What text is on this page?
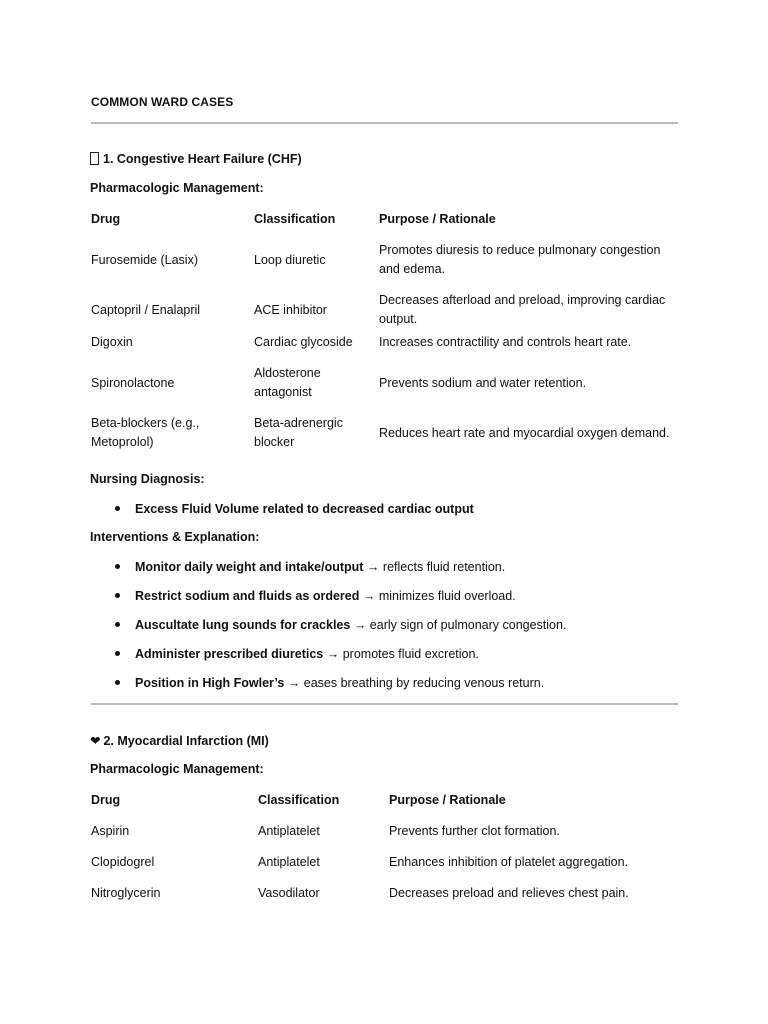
COMMON WARD CASES
1. Congestive Heart Failure (CHF)
Pharmacologic Management:
Drug	Classification	Purpose / Rationale

Furosemide (Lasix)	Loop diuretic	Promotes diuresis to reduce pulmonary congestion and edema.

Captopril / Enalapril	ACE inhibitor	Decreases afterload and preload, improving cardiac output.

Digoxin	Cardiac glycoside	Increases contractility and controls heart rate.

Spironolactone	Aldosterone antagonist	Prevents sodium and water retention.

Beta-blockers (e.g., Metoprolol)	Beta-adrenergic blocker	Reduces heart rate and myocardial oxygen demand.
Nursing Diagnosis:
Excess Fluid Volume related to decreased cardiac output
Interventions & Explanation:
Monitor daily weight and intake/output → reflects fluid retention.
Restrict sodium and fluids as ordered → minimizes fluid overload.
Auscultate lung sounds for crackles → early sign of pulmonary congestion.
Administer prescribed diuretics → promotes fluid excretion.
Position in High Fowler’s → eases breathing by reducing venous return.
❤ 2. Myocardial Infarction (MI)
Pharmacologic Management:
Drug	Classification	Purpose / Rationale

Aspirin	Antiplatelet	Prevents further clot formation.

Clopidogrel	Antiplatelet	Enhances inhibition of platelet aggregation.

Nitroglycerin	Vasodilator	Decreases preload and relieves chest pain.
